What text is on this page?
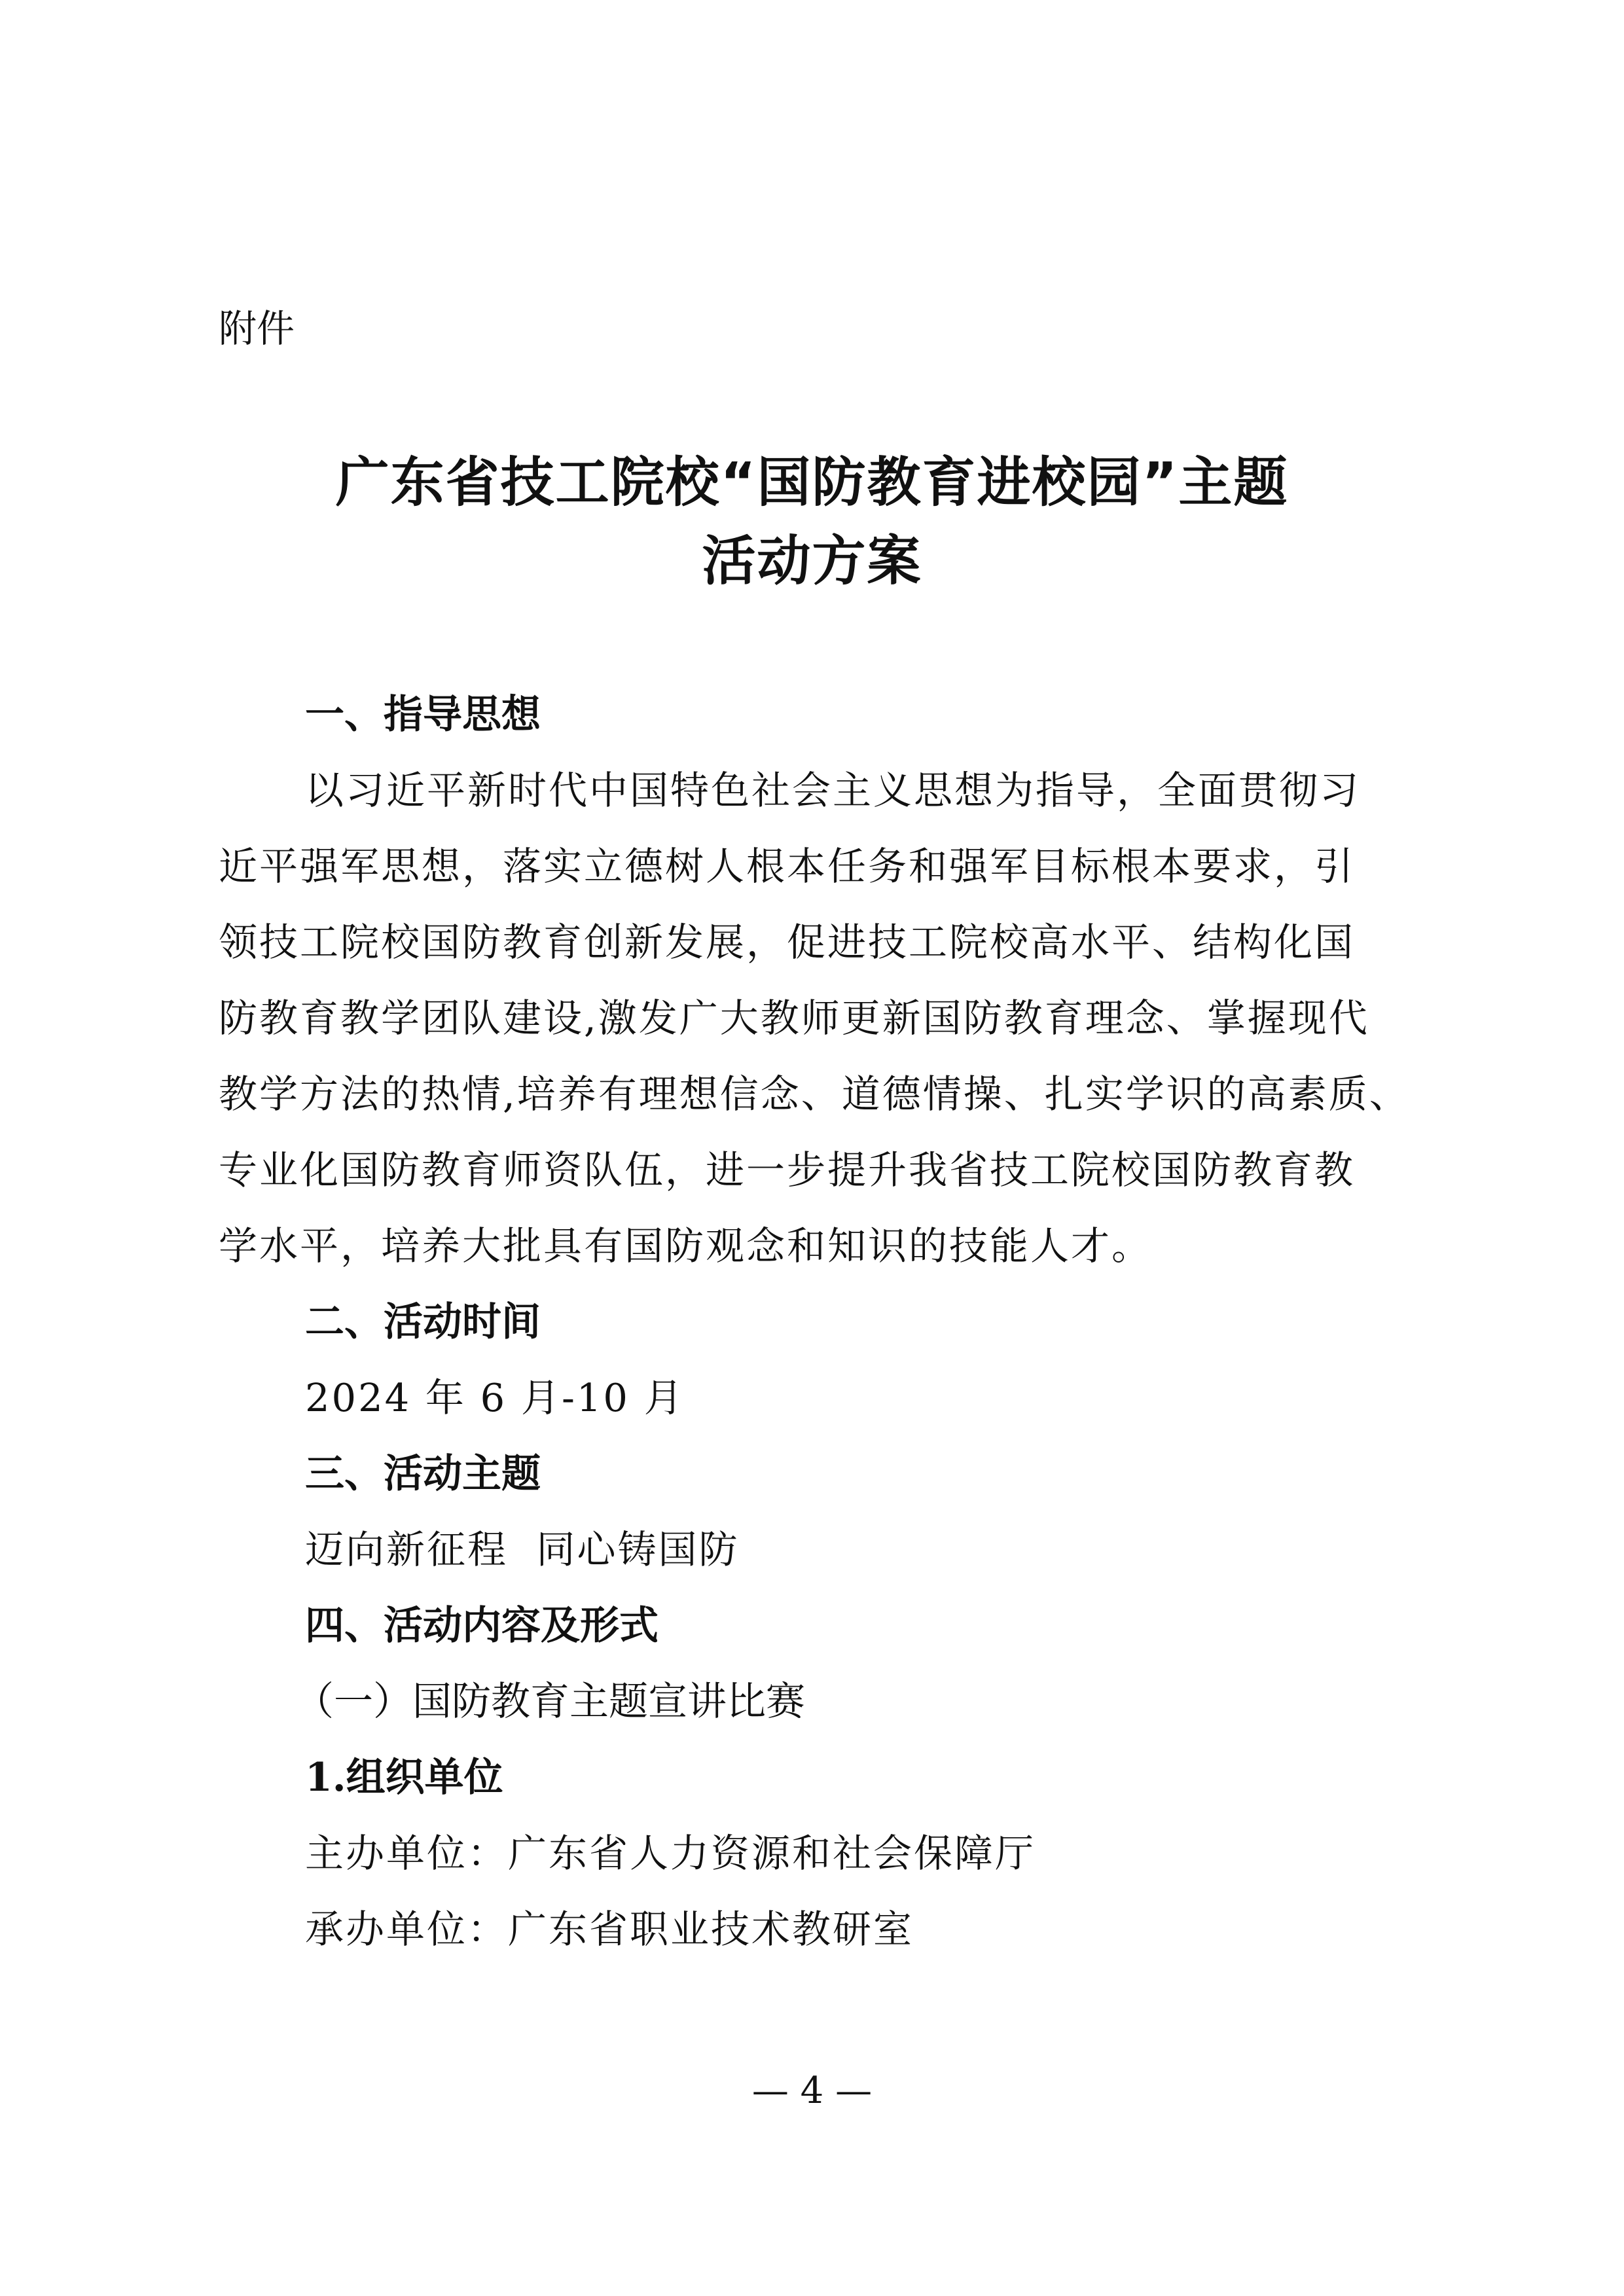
附件
广东省技工院校“国防教育进校园”主题
活动方案
一、指导思想
以习近平新时代中国特色社会主义思想为指导，全面贯彻习
近平强军思想，落实立德树人根本任务和强军目标根本要求，引
领技工院校国防教育创新发展，促进技工院校高水平、结构化国
防教育教学团队建设,激发广大教师更新国防教育理念、掌握现代
教学方法的热情,培养有理想信念、道德情操、扎实学识的高素质、
专业化国防教育师资队伍，进一步提升我省技工院校国防教育教
学水平，培养大批具有国防观念和知识的技能人才。
二、活动时间
2024 年 6 月-10 月
三、活动主题
迈向新征程  同心铸国防
四、活动内容及形式
（一）国防教育主题宣讲比赛
1.组织单位
主办单位：广东省人力资源和社会保障厅
承办单位：广东省职业技术教研室
— 4 —
